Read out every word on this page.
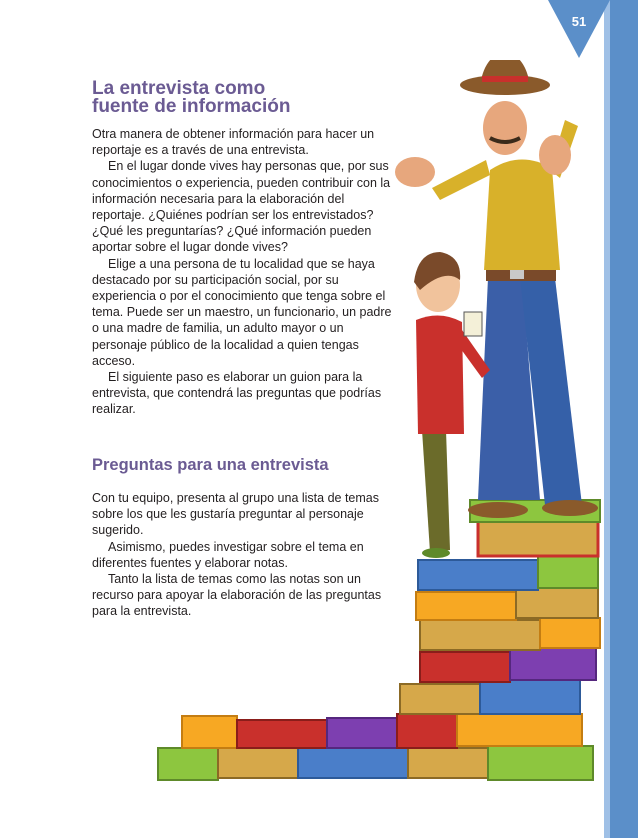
51
La entrevista como
fuente de información

Otra manera de obtener información para hacer un reportaje es a través de una entrevista.

En el lugar donde vives hay personas que, por sus conocimientos o experiencia, pueden contribuir con la información necesaria para la elaboración del reportaje. ¿Quiénes podrían ser los entrevistados? ¿Qué les preguntarías? ¿Qué información pueden aportar sobre el lugar donde vives?

Elige a una persona de tu localidad que se haya destacado por su participación social, por su experiencia o por el conocimiento que tenga sobre el tema. Puede ser un maestro, un funcionario, un padre o una madre de familia, un adulto mayor o un personaje público de la localidad a quien tengas acceso.

El siguiente paso es elaborar un guion para la entrevista, que contendrá las preguntas que podrías realizar.

Preguntas para una entrevista

Con tu equipo, presenta al grupo una lista de temas sobre los que les gustaría preguntar al personaje sugerido.

Asimismo, puedes investigar sobre el tema en diferentes fuentes y elaborar notas.

Tanto la lista de temas como las notas son un recurso para apoyar la elaboración de las preguntas para la entrevista.
